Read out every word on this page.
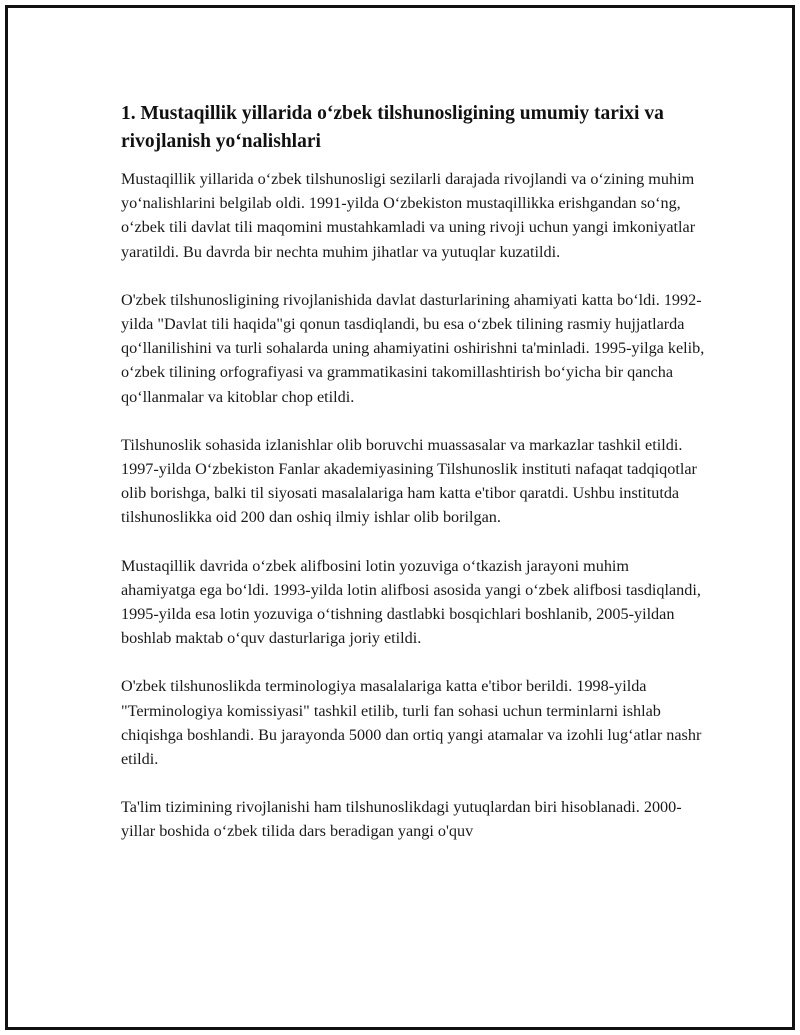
1. Mustaqillik yillarida o‘zbek tilshunosligining umumiy tarixi va rivojlanish yo‘nalishlari

Mustaqillik yillarida o‘zbek tilshunosligi sezilarli darajada rivojlandi va o‘zining muhim yo‘nalishlarini belgilab oldi. 1991-yilda O‘zbekiston mustaqillikka erishgandan so‘ng, o‘zbek tili davlat tili maqomini mustahkamladi va uning rivoji uchun yangi imkoniyatlar yaratildi. Bu davrda bir nechta muhim jihatlar va yutuqlar kuzatildi.

O'zbek tilshunosligining rivojlanishida davlat dasturlarining ahamiyati katta bo‘ldi. 1992-yilda "Davlat tili haqida"gi qonun tasdiqlandi, bu esa o‘zbek tilining rasmiy hujjatlarda qo‘llanilishini va turli sohalarda uning ahamiyatini oshirishni ta'minladi. 1995-yilga kelib, o‘zbek tilining orfografiyasi va grammatikasini takomillashtirish bo‘yicha bir qancha qo‘llanmalar va kitoblar chop etildi.

Tilshunoslik sohasida izlanishlar olib boruvchi muassasalar va markazlar tashkil etildi. 1997-yilda O‘zbekiston Fanlar akademiyasining Tilshunoslik instituti nafaqat tadqiqotlar olib borishga, balki til siyosati masalalariga ham katta e'tibor qaratdi. Ushbu institutda tilshunoslikka oid 200 dan oshiq ilmiy ishlar olib borilgan.

Mustaqillik davrida o‘zbek alifbosini lotin yozuviga o‘tkazish jarayoni muhim ahamiyatga ega bo‘ldi. 1993-yilda lotin alifbosi asosida yangi o‘zbek alifbosi tasdiqlandi, 1995-yilda esa lotin yozuviga o‘tishning dastlabki bosqichlari boshlanib, 2005-yildan boshlab maktab o‘quv dasturlariga joriy etildi.

O'zbek tilshunoslikda terminologiya masalalariga katta e'tibor berildi. 1998-yilda "Terminologiya komissiyasi" tashkil etilib, turli fan sohasi uchun terminlarni ishlab chiqishga boshlandi. Bu jarayonda 5000 dan ortiq yangi atamalar va izohli lug‘atlar nashr etildi.

Ta'lim tizimining rivojlanishi ham tilshunoslikdagi yutuqlardan biri hisoblanadi. 2000-yillar boshida o‘zbek tilida dars beradigan yangi o'quv
